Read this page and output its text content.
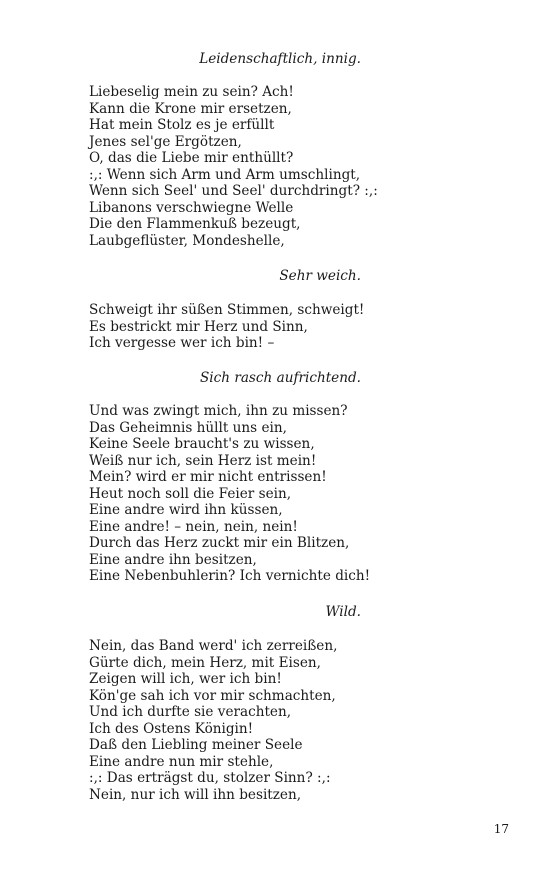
Leidenschaftlich, innig.
Liebeselig mein zu sein? Ach!
Kann die Krone mir ersetzen,
Hat mein Stolz es je erfüllt
Jenes sel'ge Ergötzen,
O, das die Liebe mir enthüllt?
:,: Wenn sich Arm und Arm umschlingt,
Wenn sich Seel' und Seel' durchdringt? :,:
Libanons verschwiegne Welle
Die den Flammenkuß bezeugt,
Laubgeflüster, Mondeshelle,
Sehr weich.
Schweigt ihr süßen Stimmen, schweigt!
Es bestrickt mir Herz und Sinn,
Ich vergesse wer ich bin! –
Sich rasch aufrichtend.
Und was zwingt mich, ihn zu missen?
Das Geheimnis hüllt uns ein,
Keine Seele braucht's zu wissen,
Weiß nur ich, sein Herz ist mein!
Mein? wird er mir nicht entrissen!
Heut noch soll die Feier sein,
Eine andre wird ihn küssen,
Eine andre! – nein, nein, nein!
Durch das Herz zuckt mir ein Blitzen,
Eine andre ihn besitzen,
Eine Nebenbuhlerin? Ich vernichte dich!
Wild.
Nein, das Band werd' ich zerreißen,
Gürte dich, mein Herz, mit Eisen,
Zeigen will ich, wer ich bin!
Kön'ge sah ich vor mir schmachten,
Und ich durfte sie verachten,
Ich des Ostens Königin!
Daß den Liebling meiner Seele
Eine andre nun mir stehle,
:,: Das erträgst du, stolzer Sinn? :,:
Nein, nur ich will ihn besitzen,
17
